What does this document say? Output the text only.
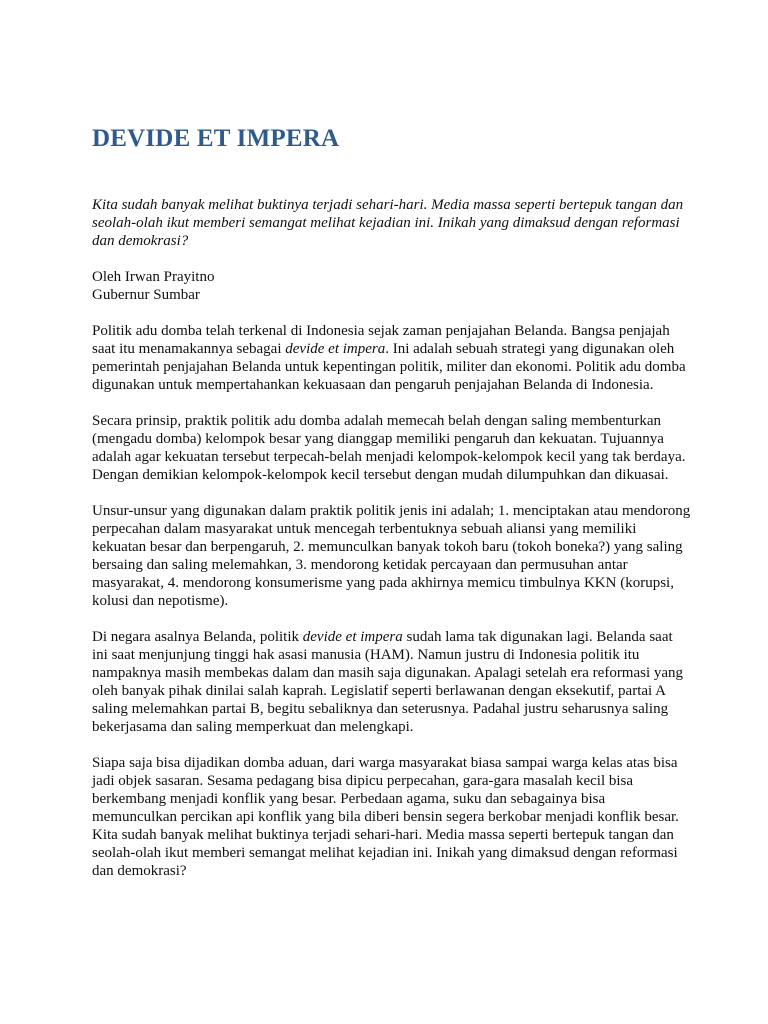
DEVIDE ET IMPERA

Kita sudah banyak melihat buktinya terjadi sehari-hari. Media massa seperti bertepuk tangan dan seolah-olah ikut memberi semangat melihat kejadian ini. Inikah yang dimaksud dengan reformasi dan demokrasi?

Oleh Irwan Prayitno
Gubernur Sumbar

Politik adu domba telah terkenal di Indonesia sejak zaman penjajahan Belanda. Bangsa penjajah saat itu menamakannya sebagai devide et impera. Ini adalah sebuah strategi yang digunakan oleh pemerintah penjajahan Belanda untuk kepentingan politik, militer dan ekonomi. Politik adu domba digunakan untuk mempertahankan kekuasaan dan pengaruh penjajahan Belanda di Indonesia.

Secara prinsip, praktik politik adu domba adalah memecah belah dengan saling membenturkan (mengadu domba) kelompok besar yang dianggap memiliki pengaruh dan kekuatan. Tujuannya adalah agar kekuatan tersebut terpecah-belah menjadi kelompok-kelompok kecil yang tak berdaya. Dengan demikian kelompok-kelompok kecil tersebut dengan mudah dilumpuhkan dan dikuasai.

Unsur-unsur yang digunakan dalam praktik politik jenis ini adalah; 1. menciptakan atau mendorong perpecahan dalam masyarakat untuk mencegah terbentuknya sebuah aliansi yang memiliki kekuatan besar dan berpengaruh, 2. memunculkan banyak tokoh baru (tokoh boneka?) yang saling bersaing dan saling melemahkan, 3. mendorong ketidak percayaan dan permusuhan antar masyarakat, 4. mendorong konsumerisme yang pada akhirnya memicu timbulnya KKN (korupsi, kolusi dan nepotisme).

Di negara asalnya Belanda, politik devide et impera sudah lama tak digunakan lagi. Belanda saat ini saat menjunjung tinggi hak asasi manusia (HAM). Namun justru di Indonesia politik itu nampaknya masih membekas dalam dan masih saja digunakan. Apalagi setelah era reformasi yang oleh banyak pihak dinilai salah kaprah. Legislatif seperti berlawanan dengan eksekutif, partai A saling melemahkan partai B, begitu sebaliknya dan seterusnya. Padahal justru seharusnya saling bekerjasama dan saling memperkuat dan melengkapi.

Siapa saja bisa dijadikan domba aduan, dari warga masyarakat biasa sampai warga kelas atas bisa jadi objek sasaran. Sesama pedagang bisa dipicu perpecahan, gara-gara masalah kecil bisa berkembang menjadi konflik yang besar. Perbedaan agama, suku dan sebagainya bisa memunculkan percikan api konflik yang bila diberi bensin segera berkobar menjadi konflik besar. Kita sudah banyak melihat buktinya terjadi sehari-hari. Media massa seperti bertepuk tangan dan seolah-olah ikut memberi semangat melihat kejadian ini. Inikah yang dimaksud dengan reformasi dan demokrasi?
